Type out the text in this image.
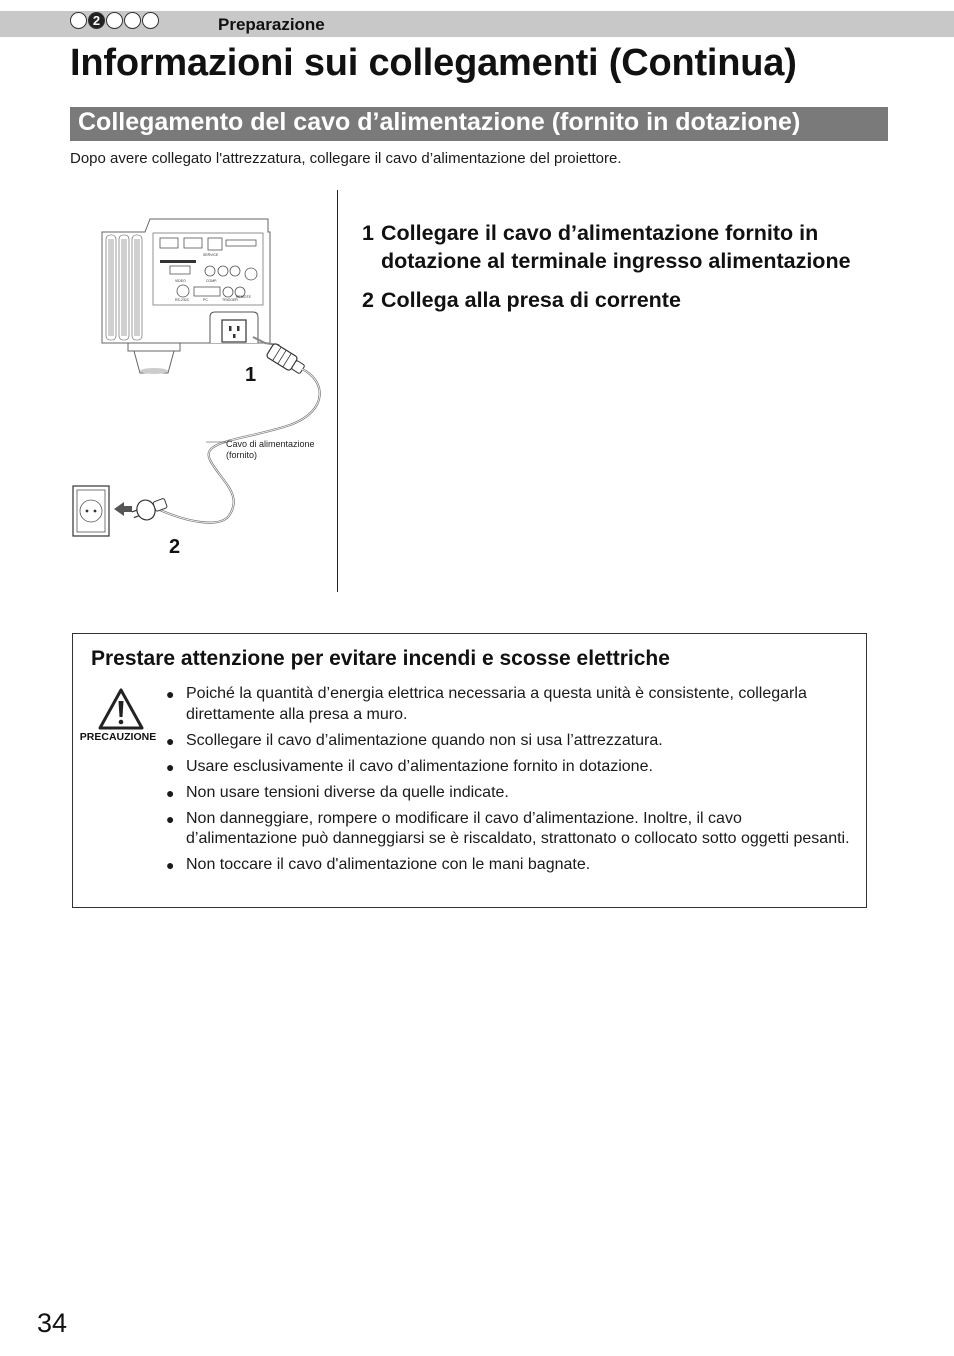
2	Preparazione
Informazioni sui collegamenti (Continua)
Collegamento del cavo d’alimentazione (fornito in dotazione)
Dopo avere collegato l'attrezzatura, collegare il cavo d’alimentazione del proiettore.
VIDEO	COMP.
RS-232C	PC	TRIGGER
REMOTE
SERVICE
1
2
Cavo di alimentazione
(fornito)
1 Collegare il cavo d’alimentazione fornito in dotazione al terminale ingresso alimentazione
2 Collega alla presa di corrente
Prestare attenzione per evitare incendi e scosse elettriche
PRECAUZIONE
● Poiché la quantità d’energia elettrica necessaria a questa unità è consistente, collegarla direttamente alla presa a muro.
● Scollegare il cavo d’alimentazione quando non si usa l’attrezzatura.
● Usare esclusivamente il cavo d’alimentazione fornito in dotazione.
● Non usare tensioni diverse da quelle indicate.
● Non danneggiare, rompere o modificare il cavo d’alimentazione. Inoltre, il cavo d’alimentazione può danneggiarsi se è riscaldato, strattonato o collocato sotto oggetti pesanti.
● Non toccare il cavo d'alimentazione con le mani bagnate.
34
